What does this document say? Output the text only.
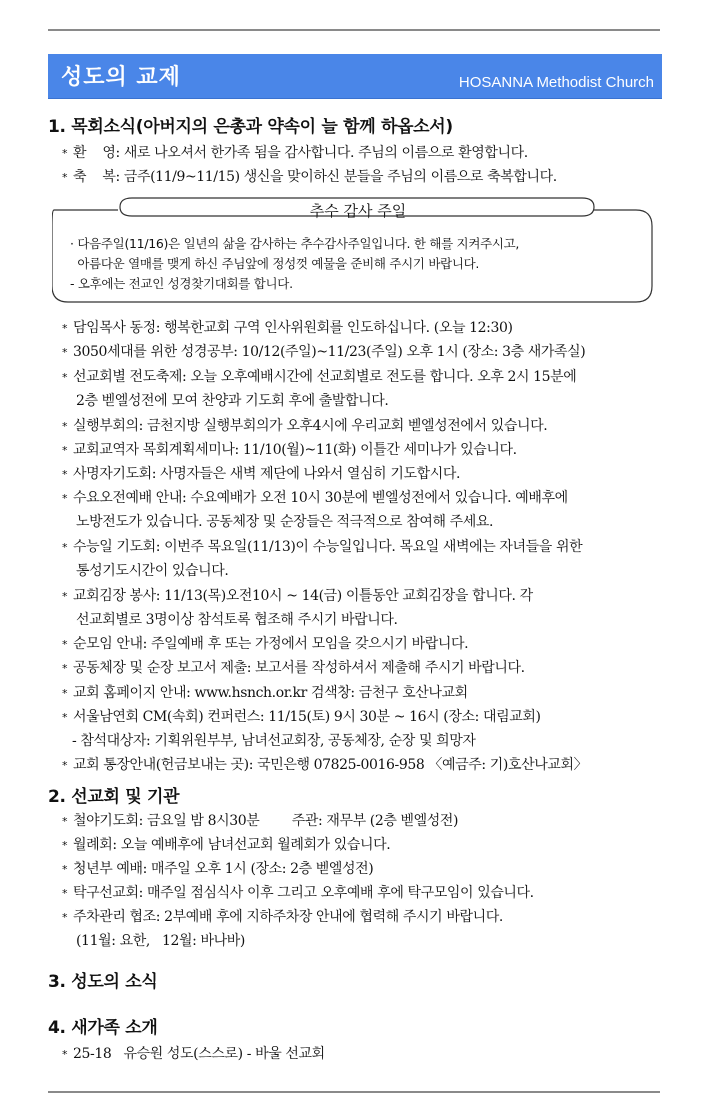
성도의 교제	HOSANNA Methodist Church
1. 목회소식(아버지의 은총과 약속이 늘 함께 하옵소서)
* 환    영: 새로 나오셔서 한가족 됨을 감사합니다. 주님의 이름으로 환영합니다.
* 축    복: 금주(11/9~11/15) 생신을 맞이하신 분들을 주님의 이름으로 축복합니다.
추수 감사 주일
· 다음주일(11/16)은 일년의 삶을 감사하는 추수감사주일입니다. 한 해를 지켜주시고,
아름다운 열매를 맺게 하신 주님앞에 정성껏 예물을 준비해 주시기 바랍니다.
- 오후에는 전교인 성경찾기대회를 합니다.
* 담임목사 동정: 행복한교회 구역 인사위원회를 인도하십니다. (오늘 12:30)
* 3050세대를 위한 성경공부: 10/12(주일)~11/23(주일) 오후 1시 (장소: 3층 새가족실)
* 선교회별 전도축제: 오늘 오후예배시간에 선교회별로 전도를 합니다. 오후 2시 15분에
2층 벧엘성전에 모여 찬양과 기도회 후에 출발합니다.
* 실행부회의: 금천지방 실행부회의가 오후4시에 우리교회 벧엘성전에서 있습니다.
* 교회교역자 목회계획세미나: 11/10(월)~11(화) 이틀간 세미나가 있습니다.
* 사명자기도회: 사명자들은 새벽 제단에 나와서 열심히 기도합시다.
* 수요오전예배 안내: 수요예배가 오전 10시 30분에 벧엘성전에서 있습니다. 예배후에
노방전도가 있습니다. 공동체장 및 순장들은 적극적으로 참여해 주세요.
* 수능일 기도회: 이번주 목요일(11/13)이 수능일입니다. 목요일 새벽에는 자녀들을 위한
통성기도시간이 있습니다.
* 교회김장 봉사: 11/13(목)오전10시 ~ 14(금) 이틀동안 교회김장을 합니다. 각
선교회별로 3명이상 참석토록 협조해 주시기 바랍니다.
* 순모임 안내: 주일예배 후 또는 가정에서 모임을 갖으시기 바랍니다.
* 공동체장 및 순장 보고서 제출: 보고서를 작성하셔서 제출해 주시기 바랍니다.
* 교회 홈페이지 안내: www.hsnch.or.kr 검색창: 금천구 호산나교회
* 서울남연회 CM(속회) 컨퍼런스: 11/15(토) 9시 30분 ~ 16시 (장소: 대림교회)
- 참석대상자: 기획위원부부, 남녀선교회장, 공동체장, 순장 및 희망자
* 교회 통장안내(헌금보내는 곳): 국민은행 07825-0016-958 〈예금주: 기)호산나교회〉
2. 선교회 및 기관
* 철야기도회: 금요일 밤 8시30분        주관: 재무부 (2층 벧엘성전)
* 월례회: 오늘 예배후에 남녀선교회 월례회가 있습니다.
* 청년부 예배: 매주일 오후 1시 (장소: 2층 벧엘성전)
* 탁구선교회: 매주일 점심식사 이후 그리고 오후예배 후에 탁구모임이 있습니다.
* 주차관리 협조: 2부예배 후에 지하주차장 안내에 협력해 주시기 바랍니다.
(11월: 요한,   12월: 바나바)
3. 성도의 소식
4. 새가족 소개
* 25-18   유승원 성도(스스로) - 바울 선교회
